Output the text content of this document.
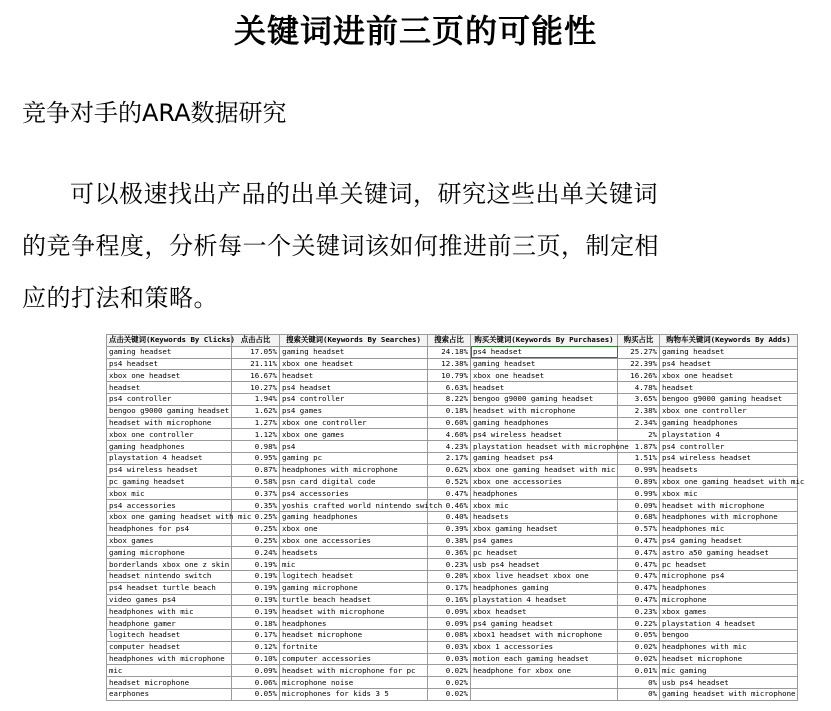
关键词进前三页的可能性
竞争对手的ARA数据研究

可以极速找出产品的出单关键词，研究这些出单关键词的竞争程度，分析每一个关键词该如何推进前三页，制定相应的打法和策略。

点击关键词(Keywords By Clicks)	点击占比	搜索关键词(Keywords By Searches)	搜索占比	购买关键词(Keywords By Purchases)	购买占比	购物车关键词(Keywords By Adds)
gaming headset	17.05%	gaming headset	24.18%	ps4 headset	25.27%	gaming headset
ps4 headset	21.11%	xbox one headset	12.38%	gaming headset	22.39%	ps4 headset
xbox one headset	16.67%	headset	10.79%	xbox one headset	16.26%	xbox one headset
headset	10.27%	ps4 headset	6.63%	headset	4.78%	headset
ps4 controller	1.94%	ps4 controller	8.22%	bengoo g9000 gaming headset	3.65%	bengoo g9000 gaming headset
bengoo g9000 gaming headset	1.62%	ps4 games	0.18%	headset with microphone	2.38%	xbox one controller
headset with microphone	1.27%	xbox one controller	0.60%	gaming headphones	2.34%	gaming headphones
xbox one controller	1.12%	xbox one games	4.60%	ps4 wireless headset	2%	playstation 4
gaming headphones	0.98%	ps4	4.23%	playstation headset with microphone	1.87%	ps4 controller
playstation 4 headset	0.95%	gaming pc	2.17%	gaming headset ps4	1.51%	ps4 wireless headset
ps4 wireless headset	0.87%	headphones with microphone	0.62%	xbox one gaming headset with mic	0.99%	headsets
pc gaming headset	0.58%	psn card digital code	0.52%	xbox one accessories	0.89%	xbox one gaming headset with mic
xbox mic	0.37%	ps4 accessories	0.47%	headphones	0.99%	xbox mic
ps4 accessories	0.35%	yoshis crafted world nintendo switch	0.46%	xbox mic	0.09%	headset with microphone
xbox one gaming headset with mic	0.25%	gaming headphones	0.40%	headsets	0.68%	headphones with microphone
headphones for ps4	0.25%	xbox one	0.39%	xbox gaming headset	0.57%	headphones mic
xbox games	0.25%	xbox one accessories	0.38%	ps4 games	0.47%	ps4 gaming headset
gaming microphone	0.24%	headsets	0.36%	pc headset	0.47%	astro a50 gaming headset
borderlands xbox one z skin	0.19%	mic	0.23%	usb ps4 headset	0.47%	pc headset
headset nintendo switch	0.19%	logitech headset	0.20%	xbox live headset xbox one	0.47%	microphone ps4
ps4 headset turtle beach	0.19%	gaming microphone	0.17%	headphones gaming	0.47%	headphones
video games ps4	0.19%	turtle beach headset	0.16%	playstation 4 headset	0.47%	microphone
headphones with mic	0.19%	headset with microphone	0.09%	xbox headset	0.23%	xbox games
headphone gamer	0.18%	headphones	0.09%	ps4 gaming headset	0.22%	playstation 4 headset
logitech headset	0.17%	headset microphone	0.08%	xbox1 headset with microphone	0.05%	bengoo
computer headset	0.12%	fortnite	0.03%	xbox 1 accessories	0.02%	headphones with mic
headphones with microphone	0.10%	computer accessories	0.03%	motion each gaming headset	0.02%	headset microphone
mic	0.09%	headset with microphone for pc	0.02%	headphone for xbox one	0.01%	mic gaming
headset microphone	0.06%	microphone noise	0.02%		0%	usb ps4 headset
earphones	0.05%	microphones for kids 3 5	0.02%		0%	gaming headset with microphone
